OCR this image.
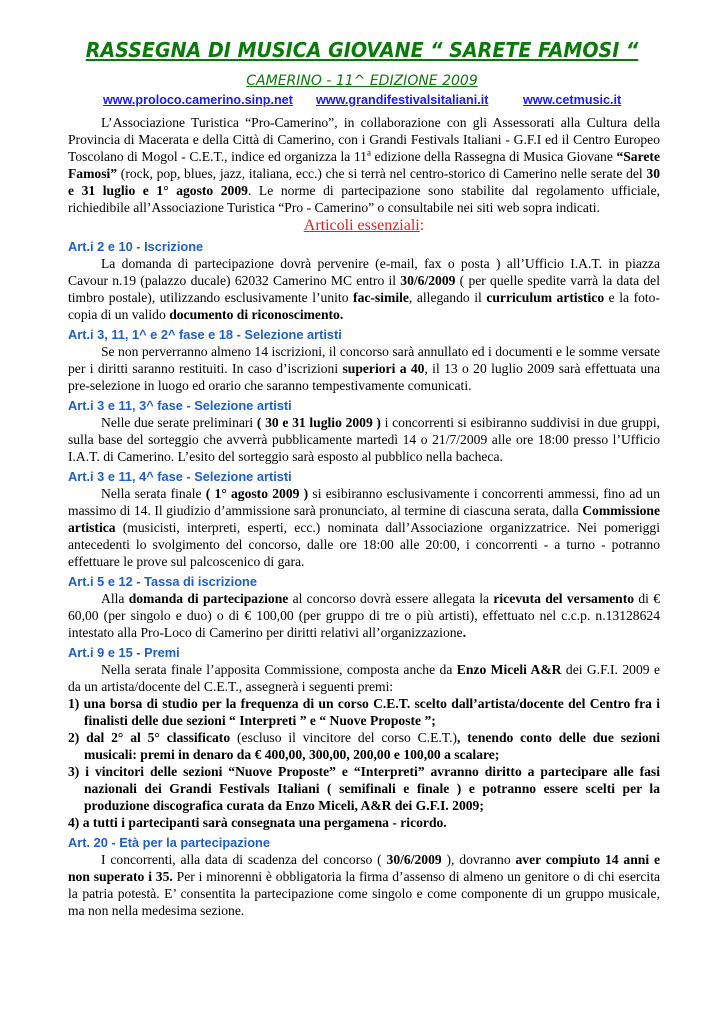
RASSEGNA DI MUSICA GIOVANE “ SARETE FAMOSI “
CAMERINO - 11^ EDIZIONE 2009
www.proloco.camerino.sinp.net www.grandifestivalsitaliani.it	www.cetmusic.it

L’Associazione Turistica “Pro-Camerino”, in collaborazione con gli Assessorati alla Cultura della Provincia di Macerata e della Città di Camerino, con i Grandi Festivals Italiani - G.F.I ed il Centro Europeo Toscolano di Mogol - C.E.T., indice ed organizza la 11$^a$ edizione della Rassegna di Musica Giovane “Sarete Famosi” (rock, pop, blues, jazz, italiana, ecc.) che si terrà nel centro-storico di Camerino nelle serate del 30 e 31 luglio e 1° agosto 2009. Le norme di partecipazione sono stabilite dal regolamento ufficiale, richiedibile all’Associazione Turistica “Pro - Camerino” o consultabile nei siti web sopra indicati.

Articoli essenziali:

Art.i 2 e 10 - Iscrizione

La domanda di partecipazione dovrà pervenire (e-mail, fax o posta ) all’Ufficio I.A.T. in piazza Cavour n.19 (palazzo ducale) 62032 Camerino MC entro il 30/6/2009 ( per quelle spedite varrà la data del timbro postale), utilizzando esclusivamente l’unito fac-simile, allegando il curriculum artistico e la foto-copia di un valido documento di riconoscimento.

Art.i 3, 11, 1^ e 2^ fase e 18 - Selezione artisti

Se non perverranno almeno 14 iscrizioni, il concorso sarà annullato ed i documenti e le somme versate per i diritti saranno restituiti. In caso d’iscrizioni superiori a 40, il 13 o 20 luglio 2009 sarà effettuata una pre-selezione in luogo ed orario che saranno tempestivamente comunicati.

Art.i 3 e 11, 3^ fase - Selezione artisti

Nelle due serate preliminari ( 30 e 31 luglio 2009 ) i concorrenti si esibiranno suddivisi in due gruppi, sulla base del sorteggio che avverrà pubblicamente martedì 14 o 21/7/2009 alle ore 18:00 presso l’Ufficio I.A.T. di Camerino. L’esito del sorteggio sarà esposto al pubblico nella bacheca.

Art.i 3 e 11, 4^ fase - Selezione artisti

Nella serata finale ( 1° agosto 2009 ) si esibiranno esclusivamente i concorrenti ammessi, fino ad un massimo di 14. Il giudizio d’ammissione sarà pronunciato, al termine di ciascuna serata, dalla Commissione artistica (musicisti, interpreti, esperti, ecc.) nominata dall’Associazione organizzatrice. Nei pomeriggi antecedenti lo svolgimento del concorso, dalle ore 18:00 alle 20:00, i concorrenti - a turno - potranno effettuare le prove sul palcoscenico di gara.

Art.i 5 e 12 - Tassa di iscrizione

Alla domanda di partecipazione al concorso dovrà essere allegata la ricevuta del versamento di € 60,00 (per singolo e duo) o di € 100,00 (per gruppo di tre o più artisti), effettuato nel c.c.p. n.13128624 intestato alla Pro-Loco di Camerino per diritti relativi all’organizzazione.

Art.i 9 e 15 - Premi

Nella serata finale l’apposita Commissione, composta anche da Enzo Miceli A&R dei G.F.I. 2009 e da un artista/docente del C.E.T., assegnerà i seguenti premi:

1) una borsa di studio per la frequenza di un corso C.E.T. scelto dall’artista/docente del Centro fra i finalisti delle due sezioni “ Interpreti ” e “ Nuove Proposte ”;

2) dal 2° al 5° classificato (escluso il vincitore del corso C.E.T.), tenendo conto delle due sezioni musicali: premi in denaro da € 400,00, 300,00, 200,00 e 100,00 a scalare;

3) i vincitori delle sezioni “Nuove Proposte” e “Interpreti” avranno diritto a partecipare alle fasi nazionali dei Grandi Festivals Italiani ( semifinali e finale ) e potranno essere scelti per la produzione discografica curata da Enzo Miceli, A&R dei G.F.I. 2009;

4) a tutti i partecipanti sarà consegnata una pergamena - ricordo.

Art. 20 - Età per la partecipazione

I concorrenti, alla data di scadenza del concorso ( 30/6/2009 ), dovranno aver compiuto 14 anni e non superato i 35. Per i minorenni è obbligatoria la firma d’assenso di almeno un genitore o di chi esercita la patria potestà. E’ consentita la partecipazione come singolo e come componente di un gruppo musicale, ma non nella medesima sezione.
